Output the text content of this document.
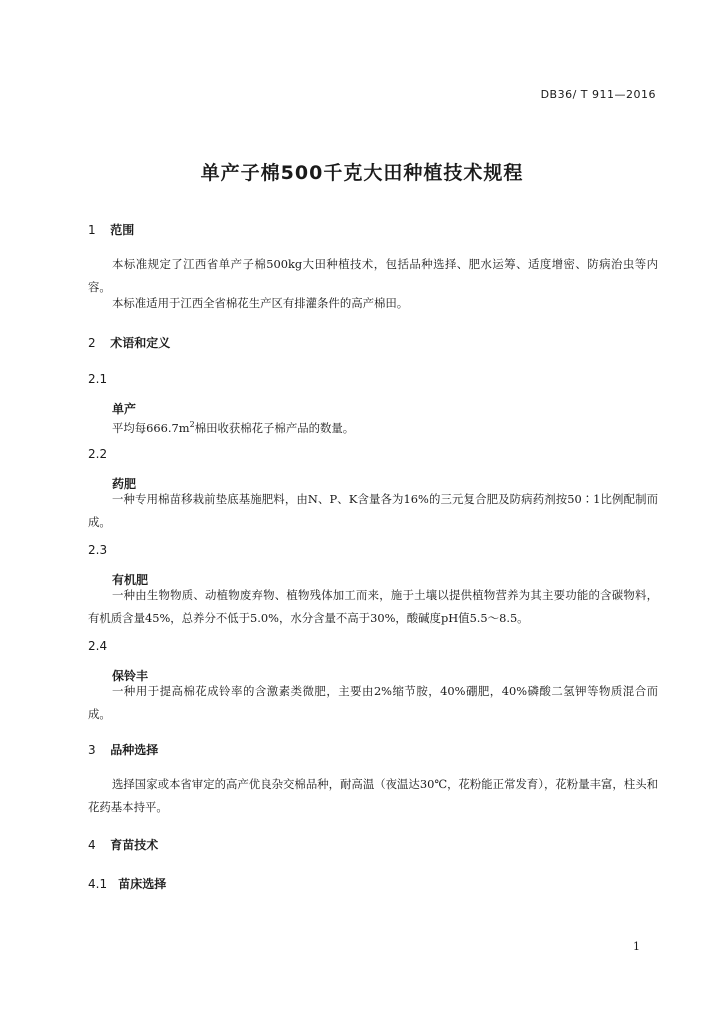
DB36/ T 911—2016
单产子棉500千克大田种植技术规程
1 范围

本标准规定了江西省单产子棉500kg大田种植技术，包括品种选择、肥水运筹、适度增密、防病治虫等内容。

本标准适用于江西全省棉花生产区有排灌条件的高产棉田。

2 术语和定义
2.1
单产

平均每$666.7m^2$棉田收获棉花子棉产品的数量。

2.2
药肥

一种专用棉苗移栽前垫底基施肥料，由N、P、K含量各为16%的三元复合肥及防病药剂按50∶1比例配制而成。

2.3
有机肥

一种由生物物质、动植物废弃物、植物残体加工而来，施于土壤以提供植物营养为其主要功能的含碳物料，有机质含量45%，总养分不低于5.0%，水分含量不高于30%，酸碱度pH值5.5～8.5。

2.4
保铃丰

一种用于提高棉花成铃率的含激素类微肥，主要由2%缩节胺，40%硼肥，40%磷酸二氢钾等物质混合而成。

3 品种选择

选择国家或本省审定的高产优良杂交棉品种，耐高温（夜温达30℃，花粉能正常发育），花粉量丰富，柱头和花药基本持平。

4 育苗技术
4.1 苗床选择
1
